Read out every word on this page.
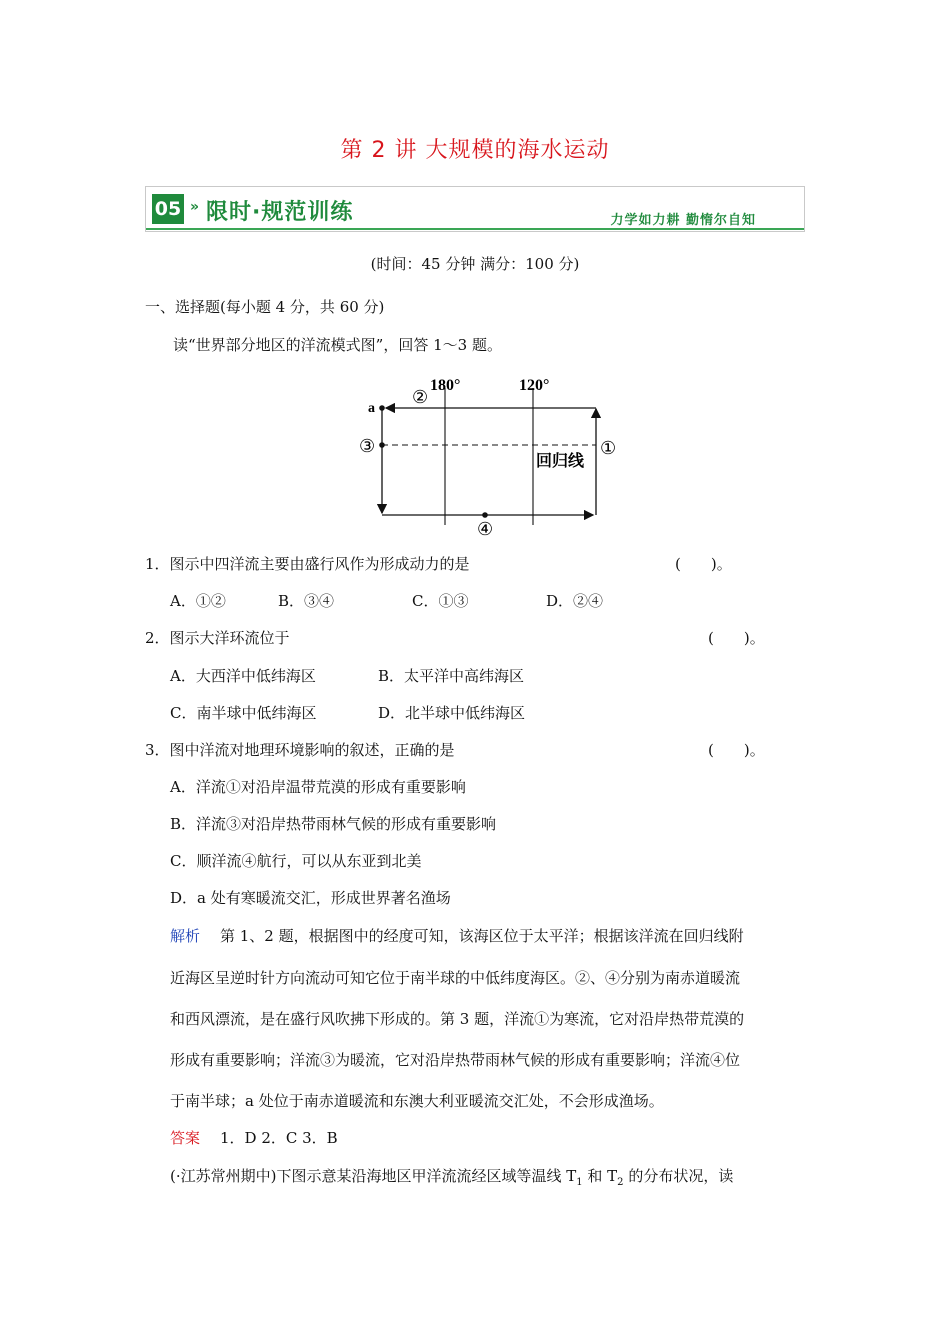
第 2 讲 大规模的海水运动
05 » 限时·规范训练	力学如力耕 勤惰尔自知
(时间：45 分钟 满分：100 分)
一、选择题(每小题 4 分，共 60 分)
读“世界部分地区的洋流模式图”，回答 1～3 题。
180°	120°
a
②
③	①
④
回归线
1．图示中四洋流主要由盛行风作为形成动力的是	(　　)。
A．①②	B．③④	C．①③	D．②④
2．图示大洋环流位于	(　　)。
A．大西洋中低纬海区	B．太平洋中高纬海区
C．南半球中低纬海区	D．北半球中低纬海区
3．图中洋流对地理环境影响的叙述，正确的是	(　　)。
A．洋流①对沿岸温带荒漠的形成有重要影响
B．洋流③对沿岸热带雨林气候的形成有重要影响
C．顺洋流④航行，可以从东亚到北美
D．a 处有寒暖流交汇，形成世界著名渔场
解析 第 1、2 题，根据图中的经度可知，该海区位于太平洋；根据该洋流在回归线附
近海区呈逆时针方向流动可知它位于南半球的中低纬度海区。②、④分别为南赤道暖流
和西风漂流，是在盛行风吹拂下形成的。第 3 题，洋流①为寒流，它对沿岸热带荒漠的
形成有重要影响；洋流③为暖流，它对沿岸热带雨林气候的形成有重要影响；洋流④位
于南半球；a 处位于南赤道暖流和东澳大利亚暖流交汇处，不会形成渔场。
答案 1．D 2．C 3．B
(·江苏常州期中)下图示意某沿海地区甲洋流流经区域等温线 $T_1$ 和 $T_2$ 的分布状况，读
